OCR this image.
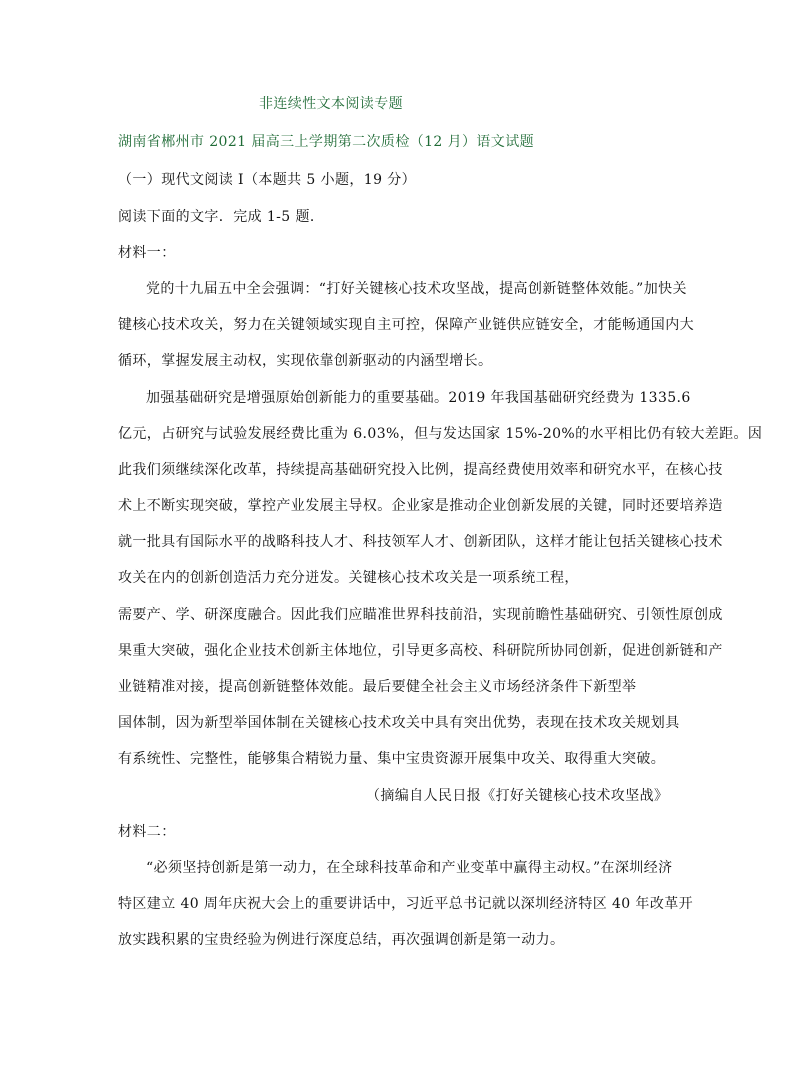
非连续性文本阅读专题
湖南省郴州市 2021 届高三上学期第二次质检（12 月）语文试题
（一）现代文阅读 I（本题共 5 小题，19 分）
阅读下面的文字．完成 1-5 题．
材料一：
党的十九届五中全会强调：“打好关键核心技术攻坚战，提高创新链整体效能。”加快关
键核心技术攻关，努力在关键领域实现自主可控，保障产业链供应链安全，才能畅通国内大
循环，掌握发展主动权，实现依靠创新驱动的内涵型增长。
加强基础研究是增强原始创新能力的重要基础。2019 年我国基础研究经费为 1335.6
亿元，占研究与试验发展经费比重为 6.03%，但与发达国家 15%-20%的水平相比仍有较大差距。因
此我们须继续深化改革，持续提高基础研究投入比例，提高经费使用效率和研究水平，在核心技
术上不断实现突破，掌控产业发展主导权。企业家是推动企业创新发展的关键，同时还要培养造
就一批具有国际水平的战略科技人才、科技领军人才、创新团队，这样才能让包括关键核心技术
攻关在内的创新创造活力充分迸发。关键核心技术攻关是一项系统工程，
需要产、学、研深度融合。因此我们应瞄准世界科技前沿，实现前瞻性基础研究、引领性原创成
果重大突破，强化企业技术创新主体地位，引导更多高校、科研院所协同创新，促进创新链和产
业链精准对接，提高创新链整体效能。最后要健全社会主义市场经济条件下新型举
国体制，因为新型举国体制在关键核心技术攻关中具有突出优势，表现在技术攻关规划具
有系统性、完整性，能够集合精锐力量、集中宝贵资源开展集中攻关、取得重大突破。
（摘编自人民日报《打好关键核心技术攻坚战》
材料二：
“必须坚持创新是第一动力，在全球科技革命和产业变革中赢得主动权。”在深圳经济
特区建立 40 周年庆祝大会上的重要讲话中，习近平总书记就以深圳经济特区 40 年改革开
放实践积累的宝贵经验为例进行深度总结，再次强调创新是第一动力。
